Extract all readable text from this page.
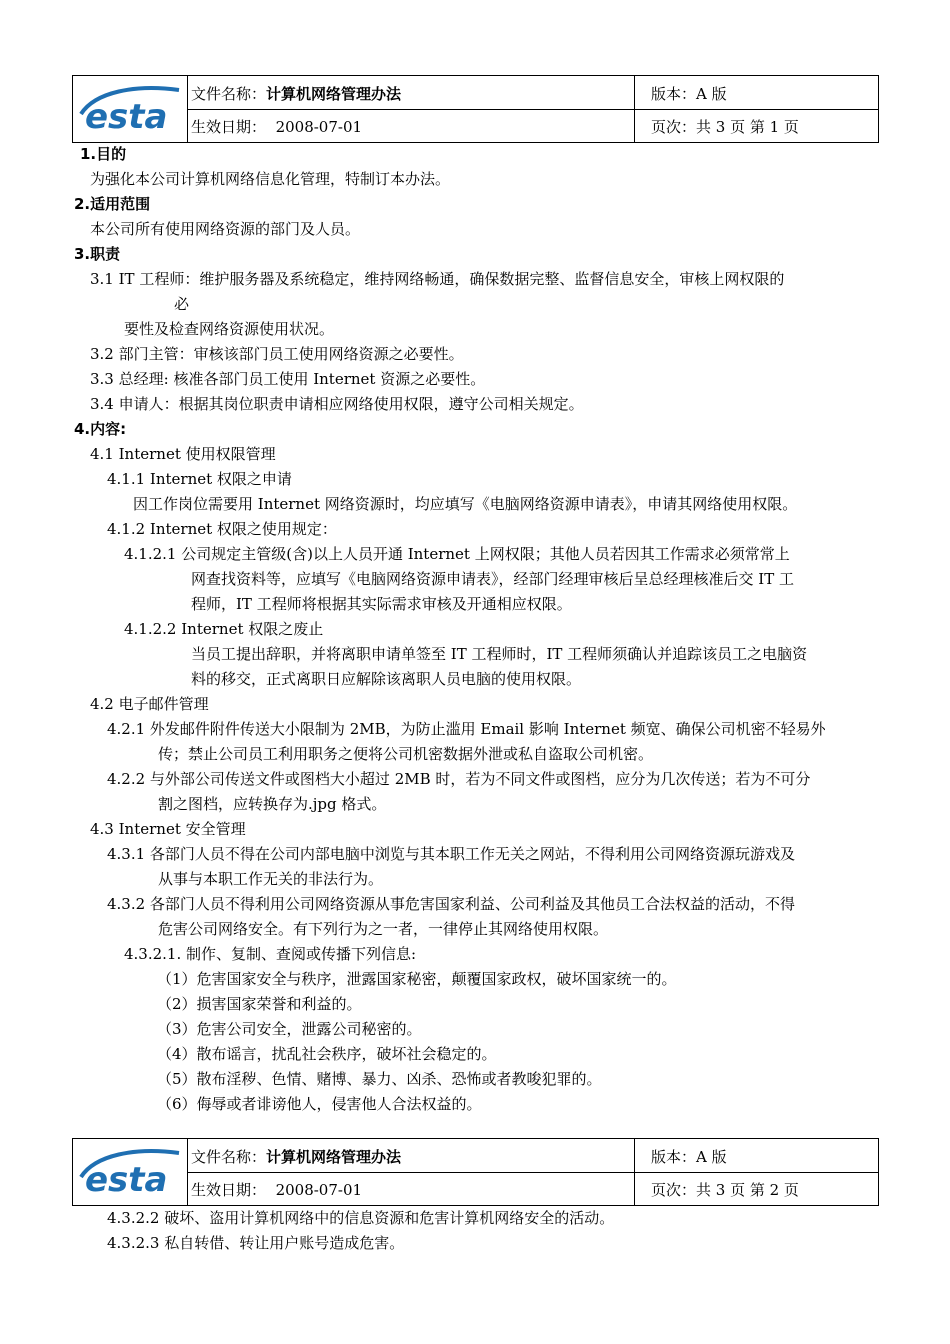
esta
文件名称：计算机网络管理办法	版本：A 版
生效日期： 2008-07-01	页次：共 3 页 第 1 页
1.目的
为强化本公司计算机网络信息化管理，特制订本办法。
2.适用范围
本公司所有使用网络资源的部门及人员。
3.职责
3.1 IT 工程师：维护服务器及系统稳定，维持网络畅通，确保数据完整、监督信息安全，审核上网权限的
必
要性及检查网络资源使用状况。
3.2 部门主管：审核该部门员工使用网络资源之必要性。
3.3 总经理: 核准各部门员工使用 Internet 资源之必要性。
3.4 申请人：根据其岗位职责申请相应网络使用权限，遵守公司相关规定。
4.内容:
4.1 Internet 使用权限管理
4.1.1 Internet 权限之申请
因工作岗位需要用 Internet 网络资源时，均应填写《电脑网络资源申请表》，申请其网络使用权限。
4.1.2 Internet 权限之使用规定：
4.1.2.1 公司规定主管级(含)以上人员开通 Internet 上网权限；其他人员若因其工作需求必须常常上
网查找资料等，应填写《电脑网络资源申请表》，经部门经理审核后呈总经理核准后交 IT 工
程师，IT 工程师将根据其实际需求审核及开通相应权限。
4.1.2.2 Internet 权限之废止
当员工提出辞职，并将离职申请单签至 IT 工程师时，IT 工程师须确认并追踪该员工之电脑资
料的移交，正式离职日应解除该离职人员电脑的使用权限。
4.2 电子邮件管理
4.2.1 外发邮件附件传送大小限制为 2MB，为防止滥用 Email 影响 Internet 频宽、确保公司机密不轻易外
传；禁止公司员工利用职务之便将公司机密数据外泄或私自盗取公司机密。
4.2.2 与外部公司传送文件或图档大小超过 2MB 时，若为不同文件或图档，应分为几次传送；若为不可分
割之图档，应转换存为.jpg 格式。
4.3 Internet 安全管理
4.3.1 各部门人员不得在公司内部电脑中浏览与其本职工作无关之网站，不得利用公司网络资源玩游戏及
从事与本职工作无关的非法行为。
4.3.2 各部门人员不得利用公司网络资源从事危害国家利益、公司利益及其他员工合法权益的活动，不得
危害公司网络安全。有下列行为之一者，一律停止其网络使用权限。
4.3.2.1. 制作、复制、查阅或传播下列信息:
（1）危害国家安全与秩序，泄露国家秘密，颠覆国家政权，破坏国家统一的。
（2）损害国家荣誉和利益的。
（3）危害公司安全，泄露公司秘密的。
（4）散布谣言，扰乱社会秩序，破坏社会稳定的。
（5）散布淫秽、色情、赌博、暴力、凶杀、恐怖或者教唆犯罪的。
（6）侮辱或者诽谤他人，侵害他人合法权益的。
esta
文件名称：计算机网络管理办法	版本：A 版
生效日期： 2008-07-01	页次：共 3 页 第 2 页
4.3.2.2 破坏、盗用计算机网络中的信息资源和危害计算机网络安全的活动。
4.3.2.3 私自转借、转让用户账号造成危害。
